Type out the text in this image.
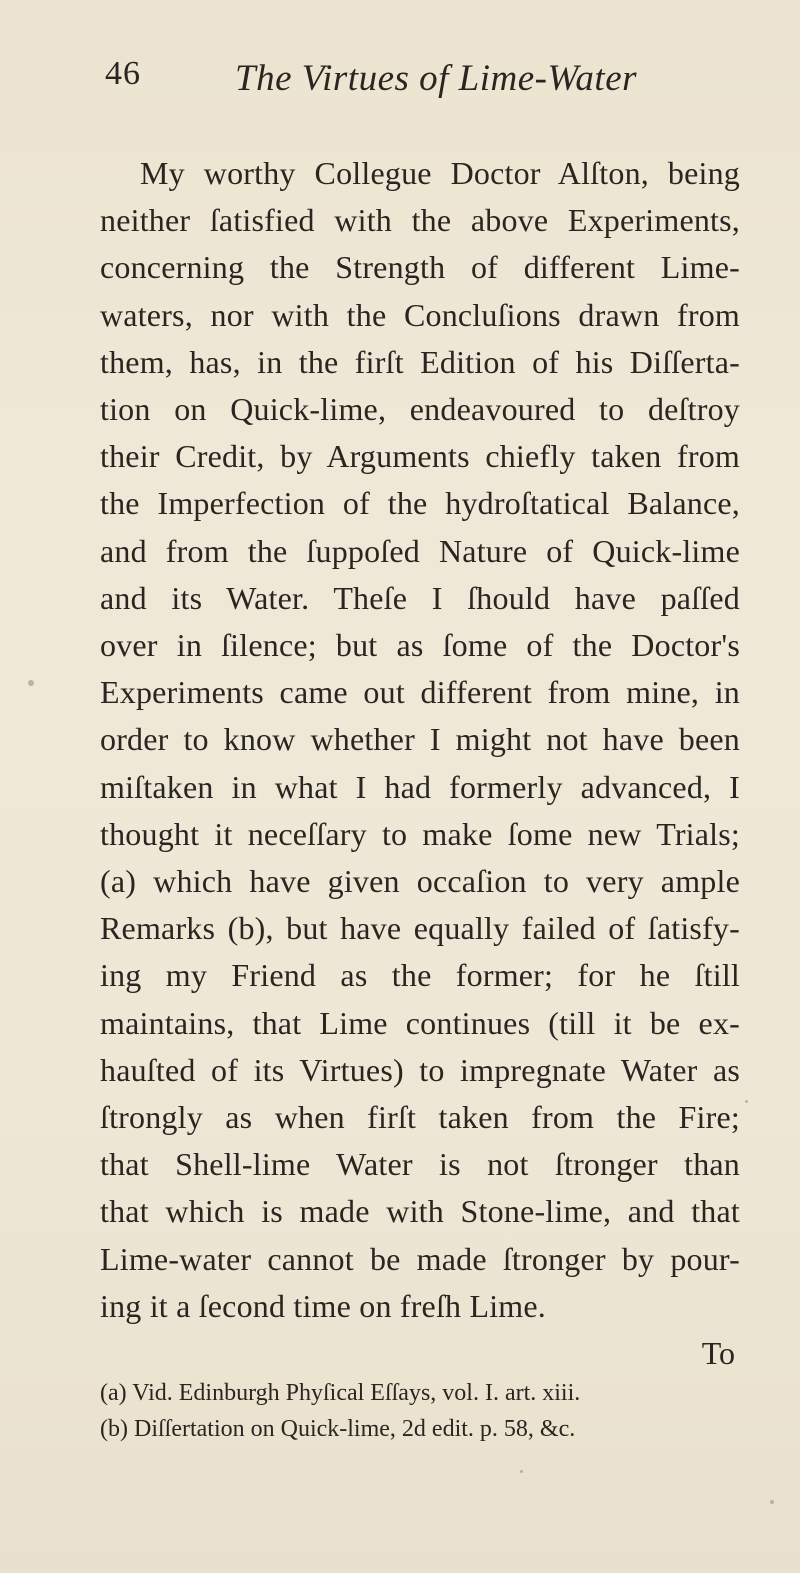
46	The Virtues of Lime-Water
My worthy Collegue Doctor Alſton, being
neither ſatisfied with the above Experiments,
concerning the Strength of different Lime-
waters, nor with the Concluſions drawn from
them, has, in the firſt Edition of his Diſſerta-
tion on Quick-lime, endeavoured to deſtroy
their Credit, by Arguments chiefly taken from
the Imperfection of the hydroſtatical Balance,
and from the ſuppoſed Nature of Quick-lime
and its Water. Theſe I ſhould have paſſed
over in ſilence; but as ſome of the Doctor's
Experiments came out different from mine, in
order to know whether I might not have been
miſtaken in what I had formerly advanced, I
thought it neceſſary to make ſome new Trials;
(a) which have given occaſion to very ample
Remarks (b), but have equally failed of ſatisfy-
ing my Friend as the former; for he ſtill
maintains, that Lime continues (till it be ex-
hauſted of its Virtues) to impregnate Water as
ſtrongly as when firſt taken from the Fire;
that Shell-lime Water is not ſtronger than
that which is made with Stone-lime, and that
Lime-water cannot be made ſtronger by pour-
ing it a ſecond time on freſh Lime.
To
(a) Vid. Edinburgh Phyſical Eſſays, vol. I. art. xiii.
(b) Diſſertation on Quick-lime, 2d edit. p. 58, &c.
